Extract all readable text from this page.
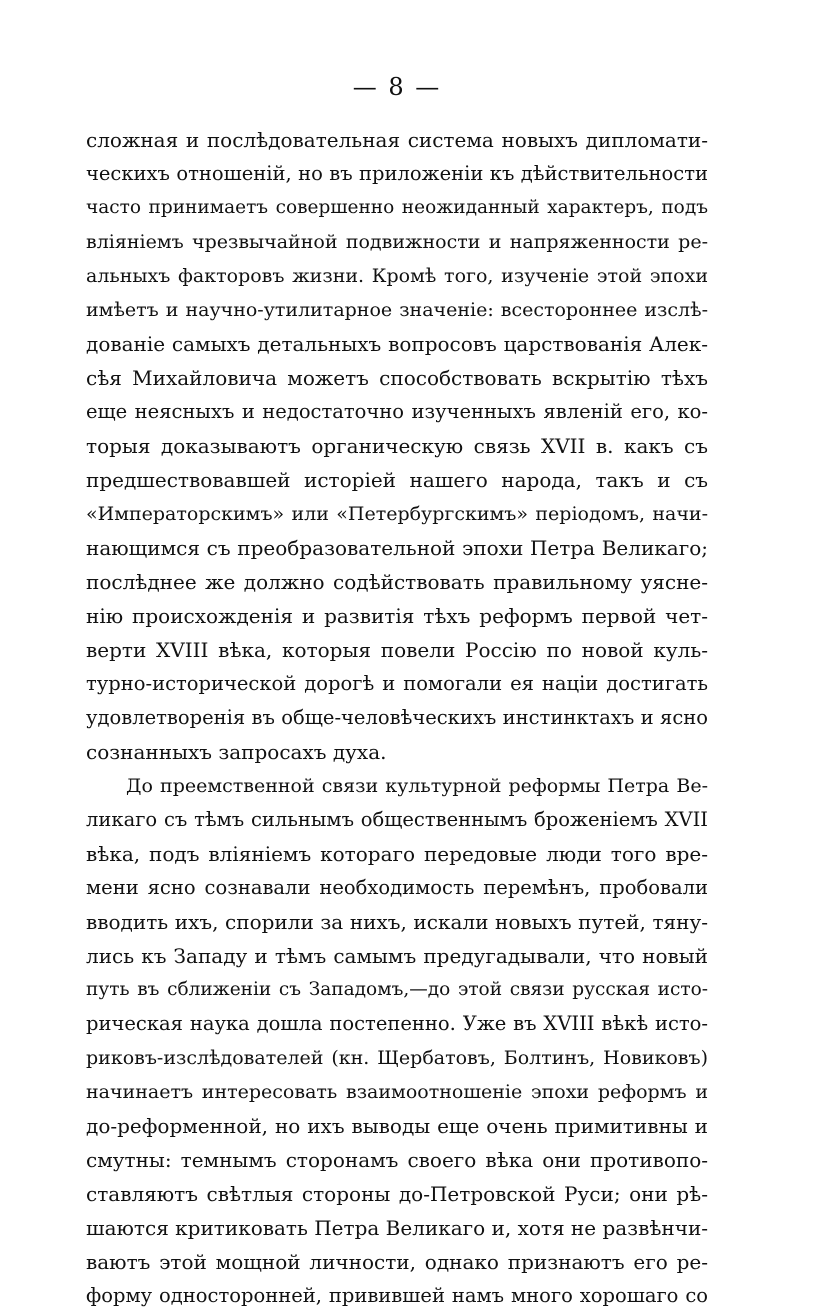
— 8 —
сложная и послѣдовательная система новыхъ дипломати-
ческихъ отношеній, но въ приложеніи къ дѣйствительности
часто принимаетъ совершенно неожиданный характеръ, подъ
вліяніемъ чрезвычайной подвижности и напряженности ре-
альныхъ факторовъ жизни. Кромѣ того, изученіе этой эпохи
имѣетъ и научно-утилитарное значеніе: всестороннее изслѣ-
дованіе самыхъ детальныхъ вопросовъ царствованія Алек-
сѣя Михайловича можетъ способствовать вскрытію тѣхъ
еще неясныхъ и недостаточно изученныхъ явленій его, ко-
торыя доказываютъ органическую связь XVII в. какъ съ
предшествовавшей исторіей нашего народа, такъ и съ
«Императорскимъ» или «Петербургскимъ» періодомъ, начи-
нающимся съ преобразовательной эпохи Петра Великаго;
послѣднее же должно содѣйствовать правильному уясне-
нію происхожденія и развитія тѣхъ реформъ первой чет-
верти XVIII вѣка, которыя повели Россію по новой куль-
турно-исторической дорогѣ и помогали ея націи достигать
удовлетворенія въ обще-человѣческихъ инстинктахъ и ясно
сознанныхъ запросахъ духа.
До преемственной связи культурной реформы Петра Ве-
ликаго съ тѣмъ сильнымъ общественнымъ броженіемъ XVII
вѣка, подъ вліяніемъ котораго передовые люди того вре-
мени ясно сознавали необходимость перемѣнъ, пробовали
вводить ихъ, спорили за нихъ, искали новыхъ путей, тяну-
лись къ Западу и тѣмъ самымъ предугадывали, что новый
путь въ сближеніи съ Западомъ,—до этой связи русская исто-
рическая наука дошла постепенно. Уже въ XVIII вѣкѣ исто-
риковъ-изслѣдователей (кн. Щербатовъ, Болтинъ, Новиковъ)
начинаетъ интересовать взаимоотношеніе эпохи реформъ и
до-реформенной, но ихъ выводы еще очень примитивны и
смутны: темнымъ сторонамъ своего вѣка они противопо-
ставляютъ свѣтлыя стороны до-Петровской Руси; они рѣ-
шаются критиковать Петра Великаго и, хотя не развѣнчи-
ваютъ этой мощной личности, однако признаютъ его ре-
форму односторонней, привившей намъ много хорошаго со
